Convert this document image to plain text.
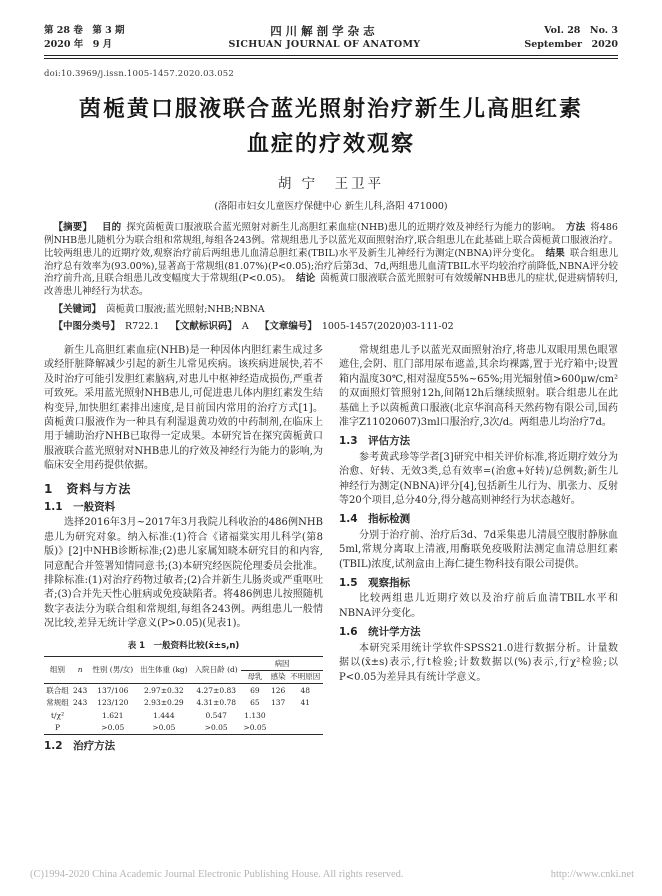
第 28 卷　第 3 期
2020 年　9 月
四川解剖学杂志
SICHUAN JOURNAL OF ANATOMY
Vol. 28　No. 3
September　2020
doi:10.3969/j.issn.1005-1457.2020.03.052
茵栀黄口服液联合蓝光照射治疗新生儿高胆红素血症的疗效观察
胡 宁　王卫平
(洛阳市妇女儿童医疗保健中心 新生儿科,洛阳 471000)
【摘要】 目的 探究茵栀黄口服液联合蓝光照射对新生儿高胆红素血症(NHB)患儿的近期疗效及神经行为能力的影响。 方法 将486例NHB患儿随机分为联合组和常规组,每组各243例。常规组患儿予以蓝光双面照射治疗,联合组患儿在此基础上联合茵栀黄口服液治疗。比较两组患儿的近期疗效,观察治疗前后两组患儿血清总胆红素(TBIL)水平及新生儿神经行为测定(NBNA)评分变化。 结果 联合组患儿治疗总有效率为(93.00%),显著高于常规组(81.07%)(P<0.05);治疗后第3d、7d,两组患儿血清TBIL水平均较治疗前降低,NBNA评分较治疗前升高,且联合组患儿改变幅度大于常规组(P<0.05)。 结论 茵栀黄口服液联合蓝光照射可有效缓解NHB患儿的症状,促进病情转归,改善患儿神经行为状态。
【关键词】 茵栀黄口服液;蓝光照射;NHB;NBNA
【中图分类号】 R722.1 【文献标识码】 A 【文章编号】 1005-1457(2020)03-111-02

新生儿高胆红素血症(NHB)是一种因体内胆红素生成过多或经肝脏降解减少引起的新生儿常见疾病。该疾病进展快,若不及时治疗可能引发胆红素脑病,对患儿中枢神经造成损伤,严重者可致死。采用蓝光照射NHB患儿,可促进患儿体内胆红素发生结构变异,加快胆红素排出速度,是目前国内常用的治疗方式[1]。茵栀黄口服液作为一种具有利湿退黄功效的中药制剂,在临床上用于辅助治疗NHB已取得一定成果。本研究旨在探究茵栀黄口服液联合蓝光照射对NHB患儿的疗效及神经行为能力的影响,为临床安全用药提供依据。

1　资料与方法
1.1　一般资料

选择2016年3月~2017年3月我院儿科收治的486例NHB患儿为研究对象。纳入标准:(1)符合《诸福棠实用儿科学(第8版)》[2]中NHB诊断标准;(2)患儿家属知晓本研究目的和内容,同意配合并签署知情同意书;(3)本研究经医院伦理委员会批准。排除标准:(1)对治疗药物过敏者;(2)合并新生儿肠炎或严重呕吐者;(3)合并先天性心脏病或免疫缺陷者。将486例患儿按照随机数字表法分为联合组和常规组,每组各243例。两组患儿一般情况比较,差异无统计学意义(P>0.05)(见表1)。

表 1　一般资料比较(x̄±s,n)
组别	n	性别 (男/女)	出生体重 (kg)	入院日龄 (d)	病因		
					母乳	感染	不明原因
联合组	243	137/106	2.97±0.32	4.27±0.83	69	126	48
常规组	243	123/120	2.93±0.29	4.31±0.78	65	137	41
t/χ²		1.621	1.444	0.547	1.130		
P		>0.05	>0.05	>0.05	>0.05		
1.2　治疗方法

常规组患儿予以蓝光双面照射治疗,将患儿双眼用黑色眼罩遮住,会阴、肛门部用尿布遮盖,其余均裸露,置于光疗箱中;设置箱内温度30℃,相对湿度55%~65%;用光辐射值>600μw/cm²的双面照灯管照射12h,间隔12h后继续照射。联合组患儿在此基础上予以茵栀黄口服液(北京华润高科天然药物有限公司,国药准字Z11020607)3ml口服治疗,3次/d。两组患儿均治疗7d。

1.3　评估方法

参考黄武珍等学者[3]研究中相关评价标准,将近期疗效分为治愈、好转、无效3类,总有效率=(治愈+好转)/总例数;新生儿神经行为测定(NBNA)评分[4],包括新生儿行为、肌张力、反射等20个项目,总分40分,得分越高则神经行为状态越好。

1.4　指标检测

分别于治疗前、治疗后3d、7d采集患儿清晨空腹肘静脉血5ml,常规分离取上清液,用酶联免疫吸附法测定血清总胆红素(TBIL)浓度,试剂盒由上海仁捷生物科技有限公司提供。

1.5　观察指标

比较两组患儿近期疗效以及治疗前后血清TBIL水平和NBNA评分变化。

1.6　统计学方法

本研究采用统计学软件SPSS21.0进行数据分析。计量数据以(x̄±s)表示,行t检验;计数数据以(%)表示,行χ²检验;以P<0.05为差异具有统计学意义。

(C)1994-2020 China Academic Journal Electronic Publishing House. All rights reserved.	http://www.cnki.net
